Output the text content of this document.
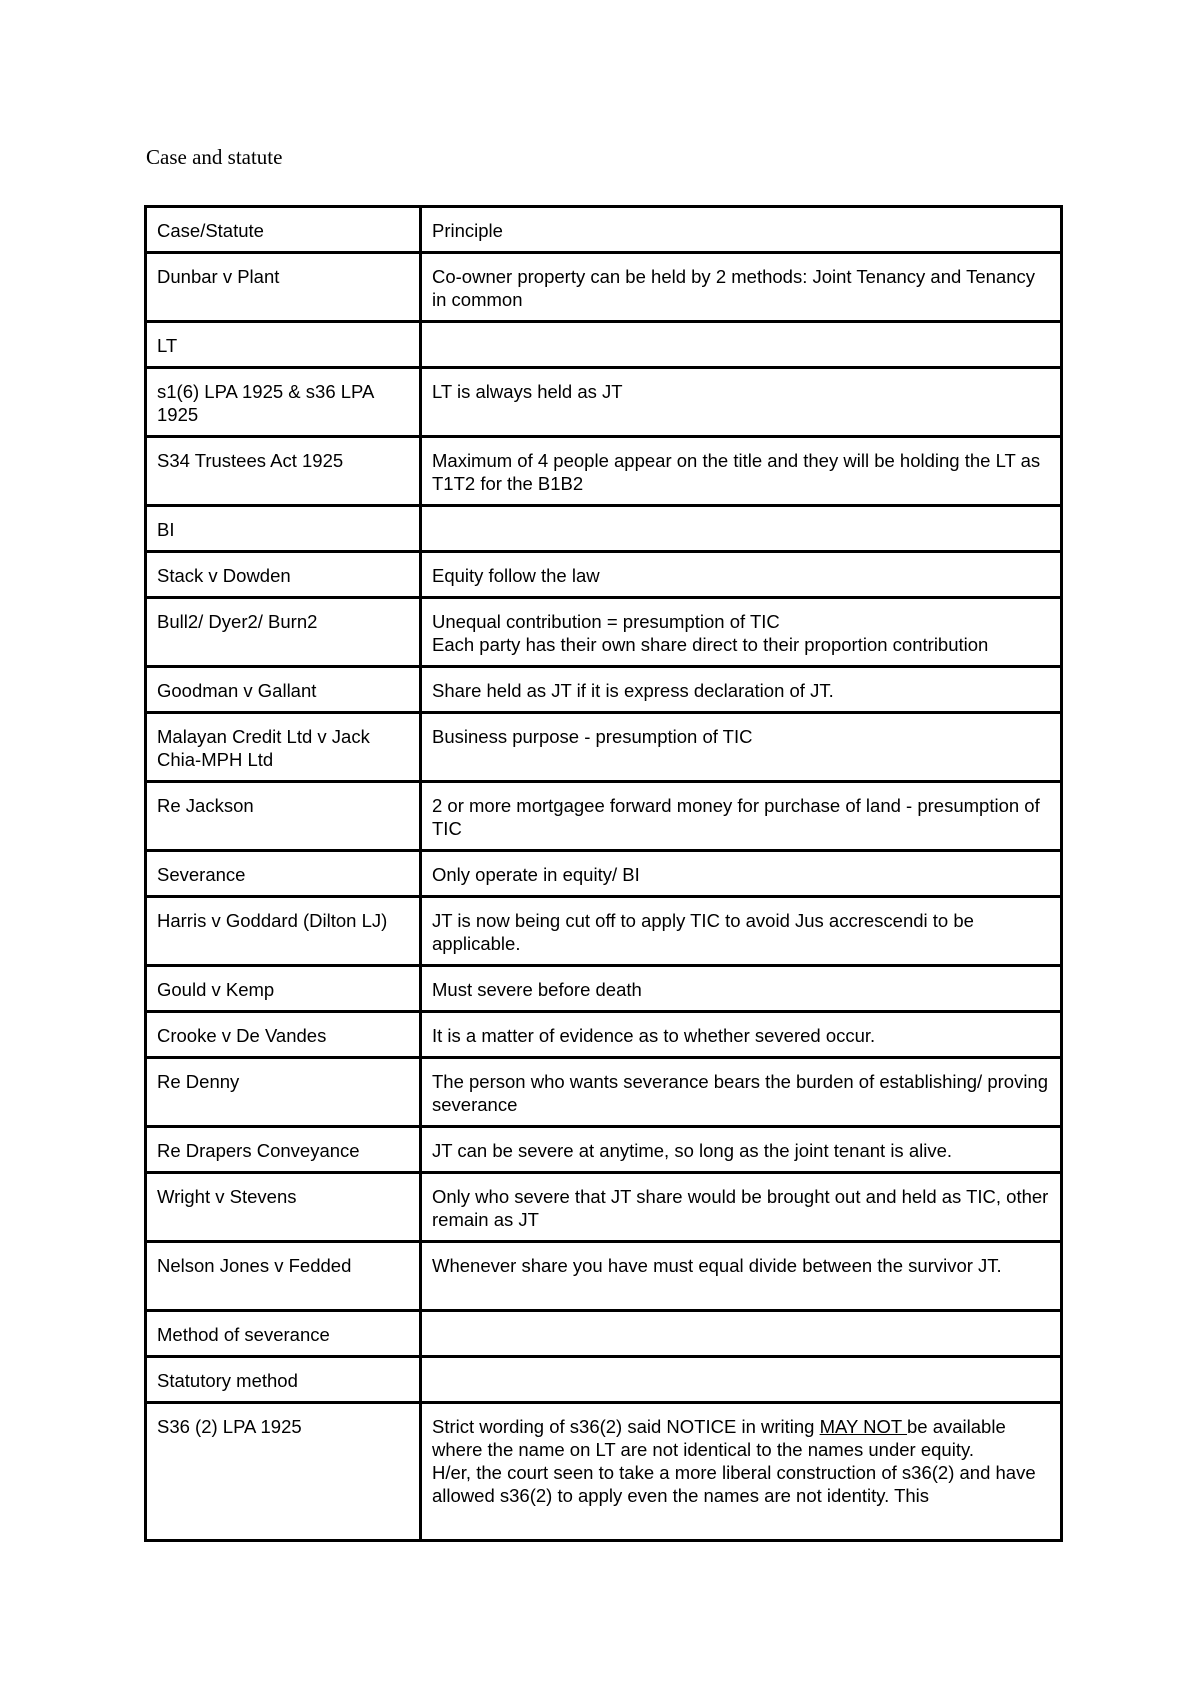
Case and statute
Case/Statute	Principle
Dunbar v Plant	Co-owner property can be held by 2 methods: Joint Tenancy and Tenancy in common
LT	
s1(6) LPA 1925 & s36 LPA 1925	LT is always held as JT
S34 Trustees Act 1925	Maximum of 4 people appear on the title and they will be holding the LT as T1T2 for the B1B2
BI	
Stack v Dowden	Equity follow the law
Bull2/ Dyer2/ Burn2	Unequal contribution = presumption of TIC
Each party has their own share direct to their proportion contribution

Goodman v Gallant	Share held as JT if it is express declaration of JT.
Malayan Credit Ltd v Jack Chia-MPH Ltd	Business purpose - presumption of TIC
Re Jackson	2 or more mortgagee forward money for purchase of land - presumption of TIC
Severance	Only operate in equity/ BI
Harris v Goddard (Dilton LJ)	JT is now being cut off to apply TIC to avoid Jus accrescendi to be applicable.
Gould v Kemp	Must severe before death
Crooke v De Vandes	It is a matter of evidence as to whether severed occur.
Re Denny	The person who wants severance bears the burden of establishing/ proving severance
Re Drapers Conveyance	JT can be severe at anytime, so long as the joint tenant is alive.
Wright v Stevens	Only who severe that JT share would be brought out and held as TIC, other remain as JT
Nelson Jones v Fedded	Whenever share you have must equal divide between the survivor JT.
Method of severance	
Statutory method	
S36 (2) LPA 1925	Strict wording of s36(2) said NOTICE in writing MAY NOT be available where the name on LT are not identical to the names under equity.
H/er, the court seen to take a more liberal construction of s36(2) and have allowed s36(2) to apply even the names are not identity. This
